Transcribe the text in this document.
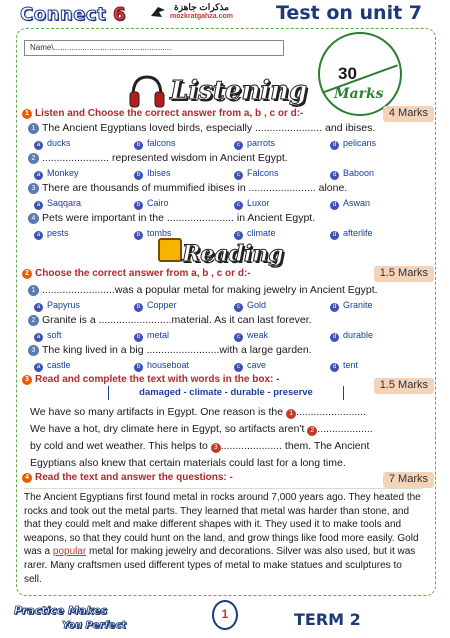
Connect 6	مذكرات جاهزة
mozkratgahza.com Test on unit 7
Name\.....................................................
30
Marks
Listening
1 Listen and Choose the correct answer from a, b , c or d:-	4 Marks
1 The Ancient Egyptians loved birds, especially ....................... and ibises.
a ducks	b falcons	c parrots	d pelicans
2 ....................... represented wisdom in Ancient Egypt.
a Monkey	b Ibises	c Falcons	d Baboon
3 There are thousands of mummified ibises in ....................... alone.
a Saqqara	b Cairo	c Luxor	d Aswan
4 Pets were important in the ....................... in Ancient Egypt.
a pests	b tombs	c climate	d afterlife
Reading
2 Choose the correct answer from a, b , c or d:-	1.5 Marks
1 .........................was a popular metal for making jewelry in Ancient Egypt.
a Papyrus	b Copper	c Gold	d Granite
2 Granite is a .........................material. As it can last forever.
a soft	b metal	c weak	d durable
3 The king lived in a big .........................with a large garden.
a castle	b houseboat	c cave	d tent
3 Read and complete the text with words in the box: -	1.5 Marks
damaged - climate - durable - preserve
We have so many artifacts in Egypt. One reason is the 1 ........................
We have a hot, dry climate here in Egypt, so artifacts aren't 2 ...................
by cold and wet weather. This helps to 3 ..................... them. The Ancient
Egyptians also knew that certain materials could last for a long time.
4 Read the text and answer the questions: -	7 Marks
The Ancient Egyptians first found metal in rocks around 7,000 years ago. They heated the rocks and took out the metal parts. They learned that metal was harder than stone, and that they could melt and make different shapes with it. They used it to make tools and weapons, so that they could hunt on the land, and grow things like food more easily. Gold was a popular metal for making jewelry and decorations. Silver was also used, but it was rarer. Many craftsmen used different types of metal to make statues and sculptures to sell.
Practice Makes
You Perfect
1	TERM 2
